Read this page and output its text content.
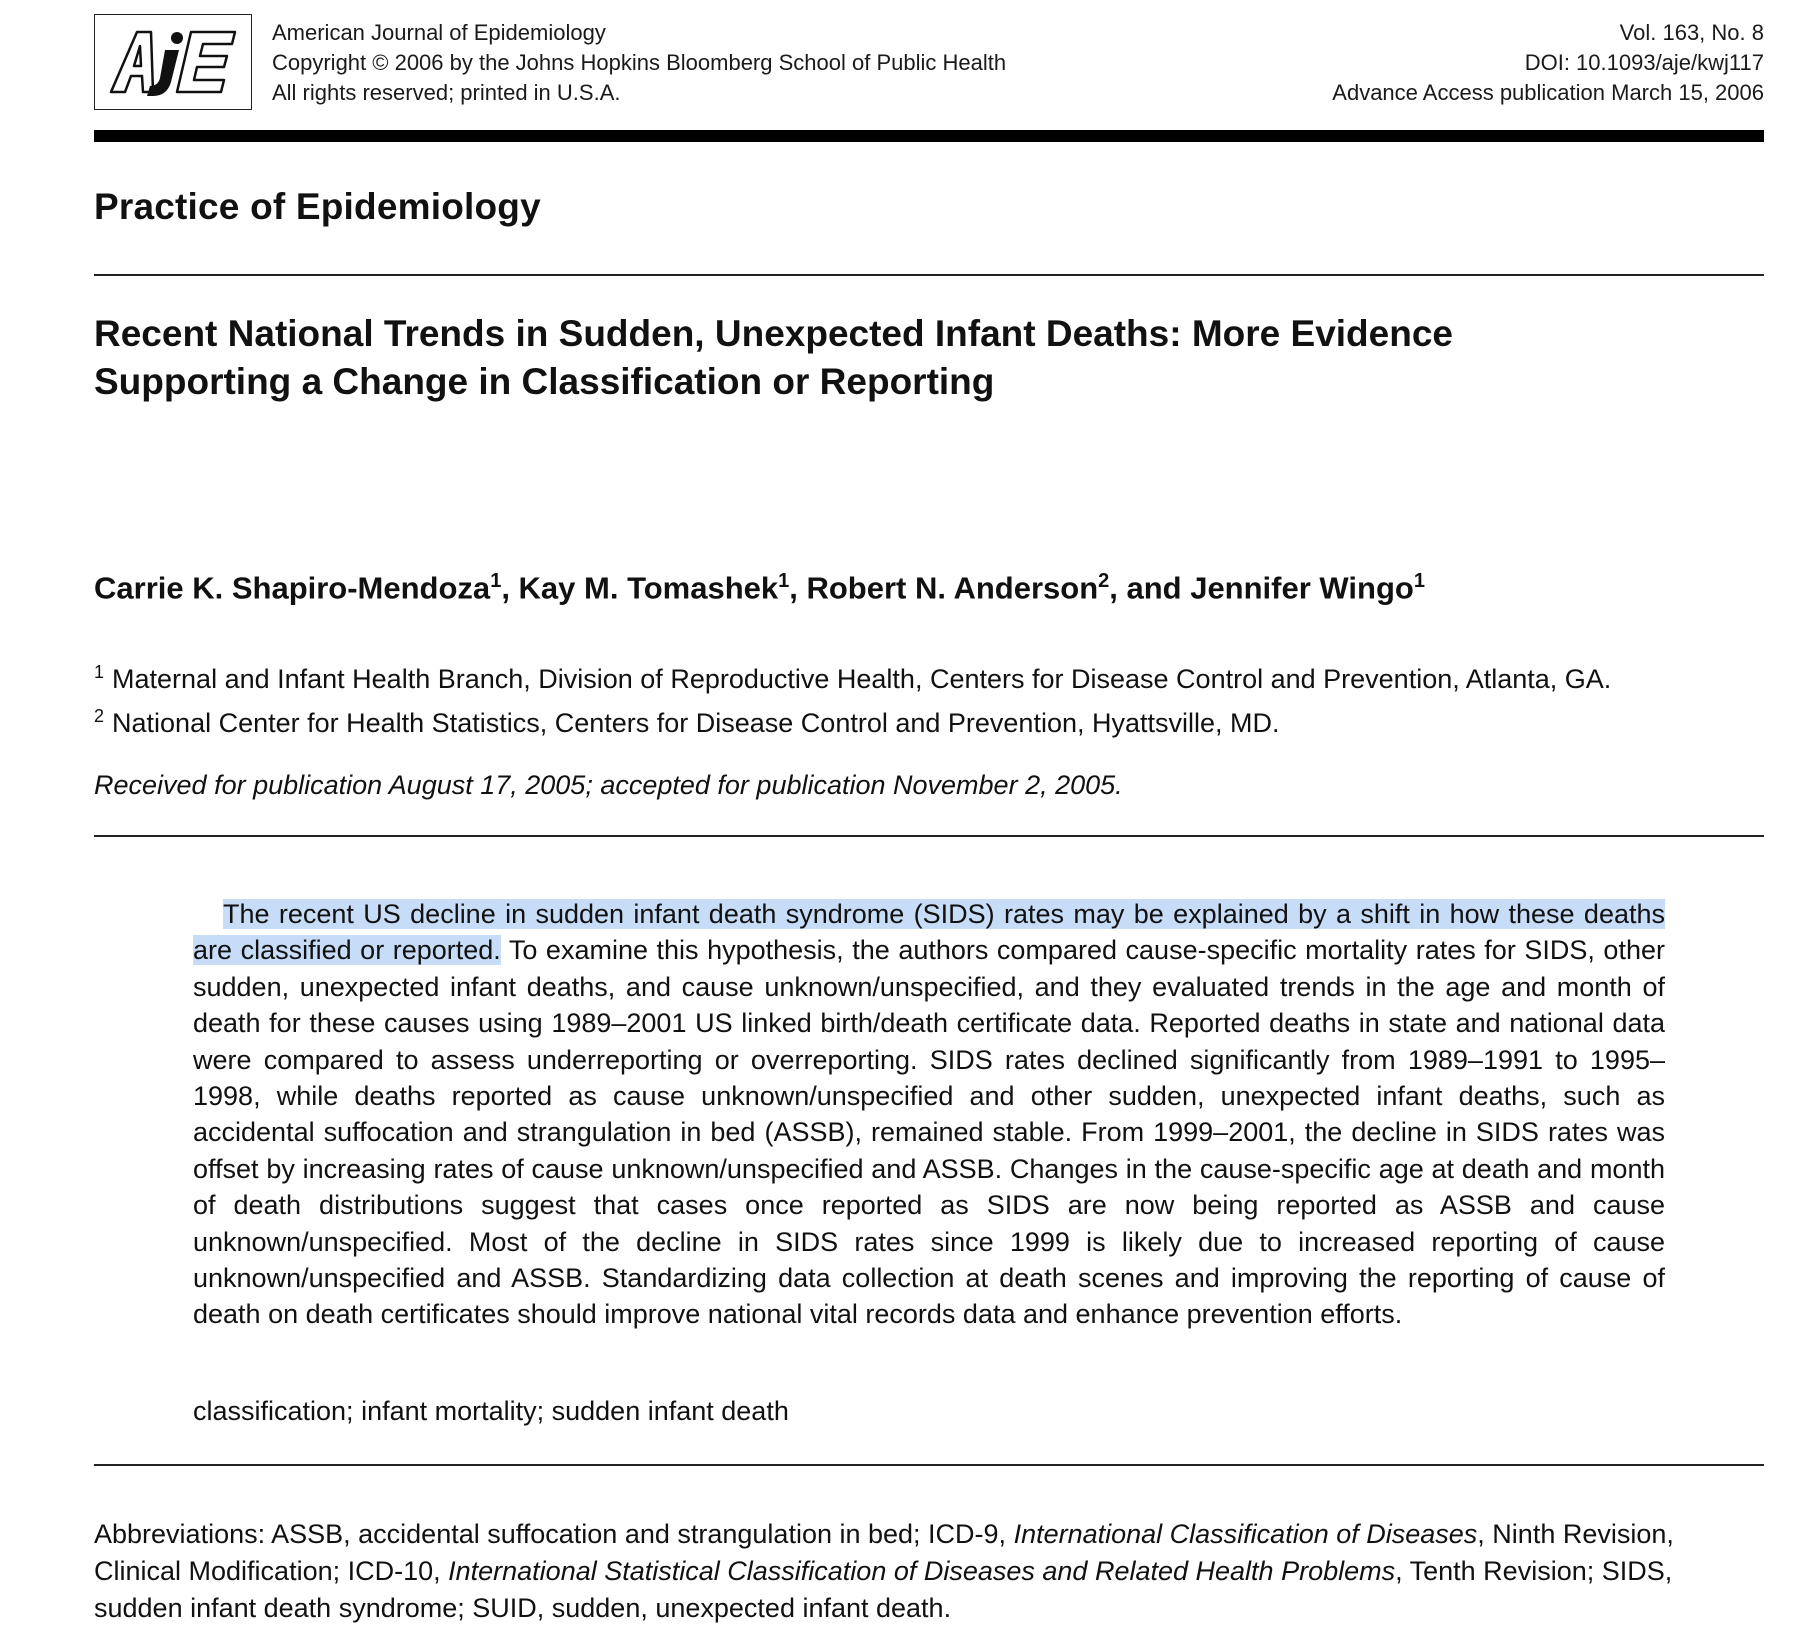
American Journal of Epidemiology
Copyright © 2006 by the Johns Hopkins Bloomberg School of Public Health
All rights reserved; printed in U.S.A.
Vol. 163, No. 8
DOI: 10.1093/aje/kwj117
Advance Access publication March 15, 2006
Practice of Epidemiology
Recent National Trends in Sudden, Unexpected Infant Deaths: More Evidence
Supporting a Change in Classification or Reporting
Carrie K. Shapiro-Mendoza$^1$, Kay M. Tomashek$^1$, Robert N. Anderson$^2$, and Jennifer Wingo$^1$
$^1$ Maternal and Infant Health Branch, Division of Reproductive Health, Centers for Disease Control and Prevention, Atlanta, GA.
$^2$ National Center for Health Statistics, Centers for Disease Control and Prevention, Hyattsville, MD.
Received for publication August 17, 2005; accepted for publication November 2, 2005.

The recent US decline in sudden infant death syndrome (SIDS) rates may be explained by a shift in how these deaths are classified or reported. To examine this hypothesis, the authors compared cause-specific mortality rates for SIDS, other sudden, unexpected infant deaths, and cause unknown/unspecified, and they evaluated trends in the age and month of death for these causes using 1989–2001 US linked birth/death certificate data. Reported deaths in state and national data were compared to assess underreporting or overreporting. SIDS rates declined significantly from 1989–1991 to 1995–1998, while deaths reported as cause unknown/unspecified and other sudden, unexpected infant deaths, such as accidental suffocation and strangulation in bed (ASSB), remained stable. From 1999–2001, the decline in SIDS rates was offset by increasing rates of cause unknown/unspecified and ASSB. Changes in the cause-specific age at death and month of death distributions suggest that cases once reported as SIDS are now being reported as ASSB and cause unknown/unspecified. Most of the decline in SIDS rates since 1999 is likely due to increased reporting of cause unknown/unspecified and ASSB. Standardizing data collection at death scenes and improving the reporting of cause of death on death certificates should improve national vital records data and enhance prevention efforts.

classification; infant mortality; sudden infant death

Abbreviations: ASSB, accidental suffocation and strangulation in bed; ICD-9, International Classification of Diseases, Ninth Revision, Clinical Modification; ICD-10, International Statistical Classification of Diseases and Related Health Problems, Tenth Revision; SIDS, sudden infant death syndrome; SUID, sudden, unexpected infant death.
